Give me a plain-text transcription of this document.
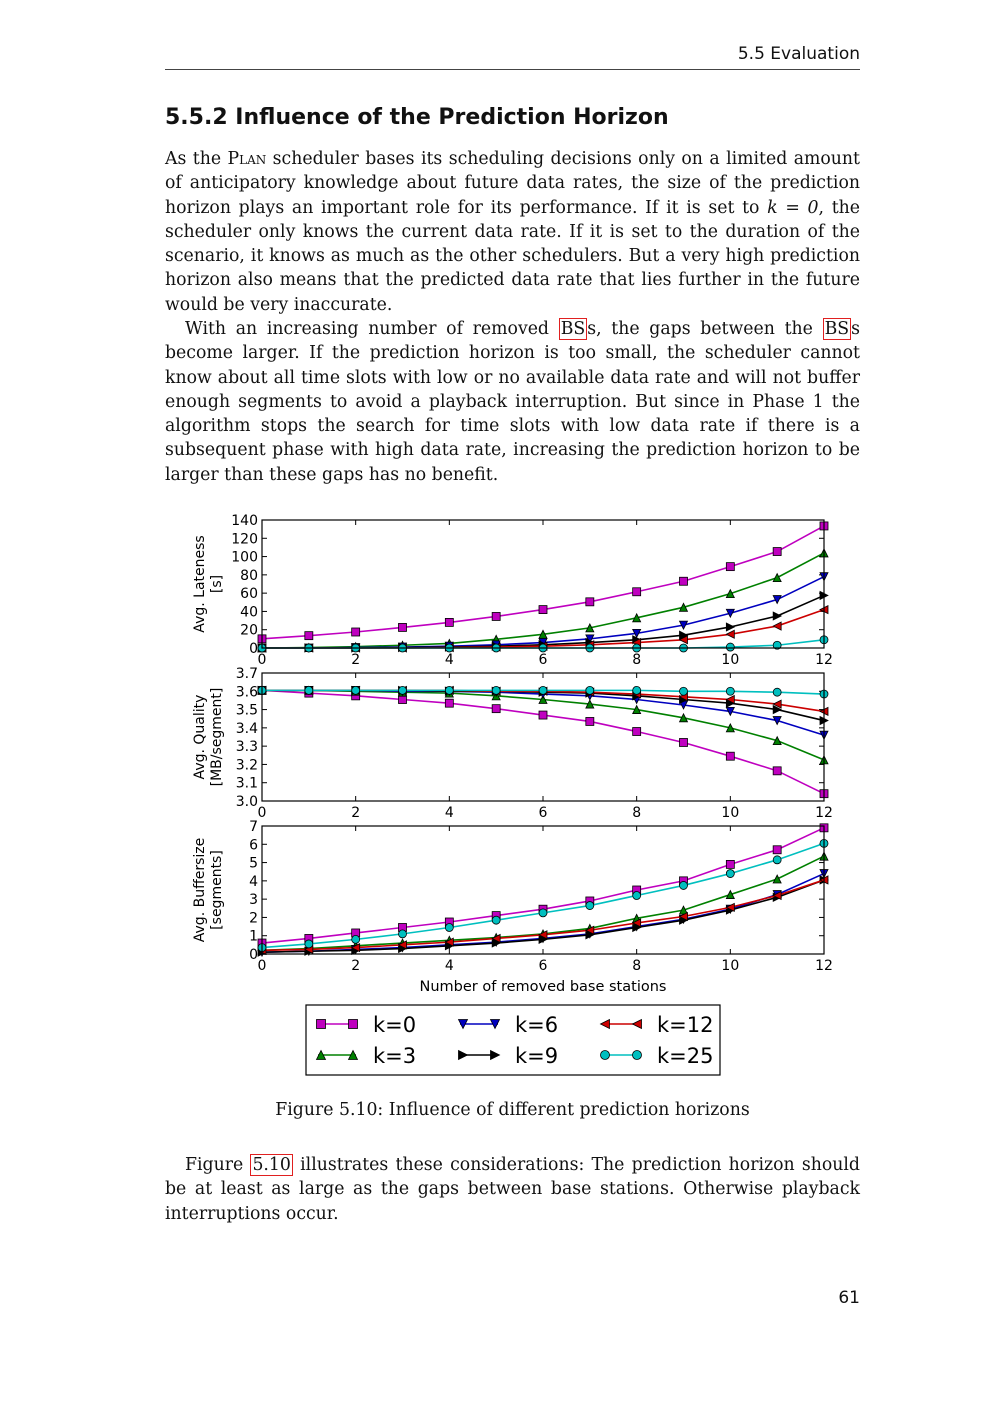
5.5 Evaluation
5.5.2 Influence of the Prediction Horizon

As the Plan scheduler bases its scheduling decisions only on a limited amount of anticipatory knowledge about future data rates, the size of the prediction horizon plays an important role for its performance. If it is set to k = 0, the scheduler only knows the current data rate. If it is set to the duration of the scenario, it knows as much as the other schedulers. But a very high prediction horizon also means that the predicted data rate that lies further in the future would be very inaccurate.

With an increasing number of removed BS s, the gaps between the BS s become larger. If the prediction horizon is too small, the scheduler cannot know about all time slots with low or no available data rate and will not buffer enough segments to avoid a playback interruption. But since in Phase 1 the algorithm stops the search for time slots with low data rate if there is a subsequent phase with high data rate, increasing the prediction horizon to be larger than these gaps has no benefit.

0
20
40
60
80
100
120
140
0	2	4	6	8	10	12
Avg. Lateness [s]
3.0
3.1
3.2
3.3
3.4
3.5
3.6
3.7
0	2	4	6	8	10	12
Avg. Quality [MB/segment]
0
1
2
3
4
5
6
7
0	2	4	6	8	10	12
Avg. Buffersize [segments]
Number of removed base stations
k=0	k=6	k=12
k=3	k=9	k=25
Figure 5.10: Influence of different prediction horizons

Figure 5.10 illustrates these considerations: The prediction horizon should be at least as large as the gaps between base stations. Otherwise playback interruptions occur.

61
